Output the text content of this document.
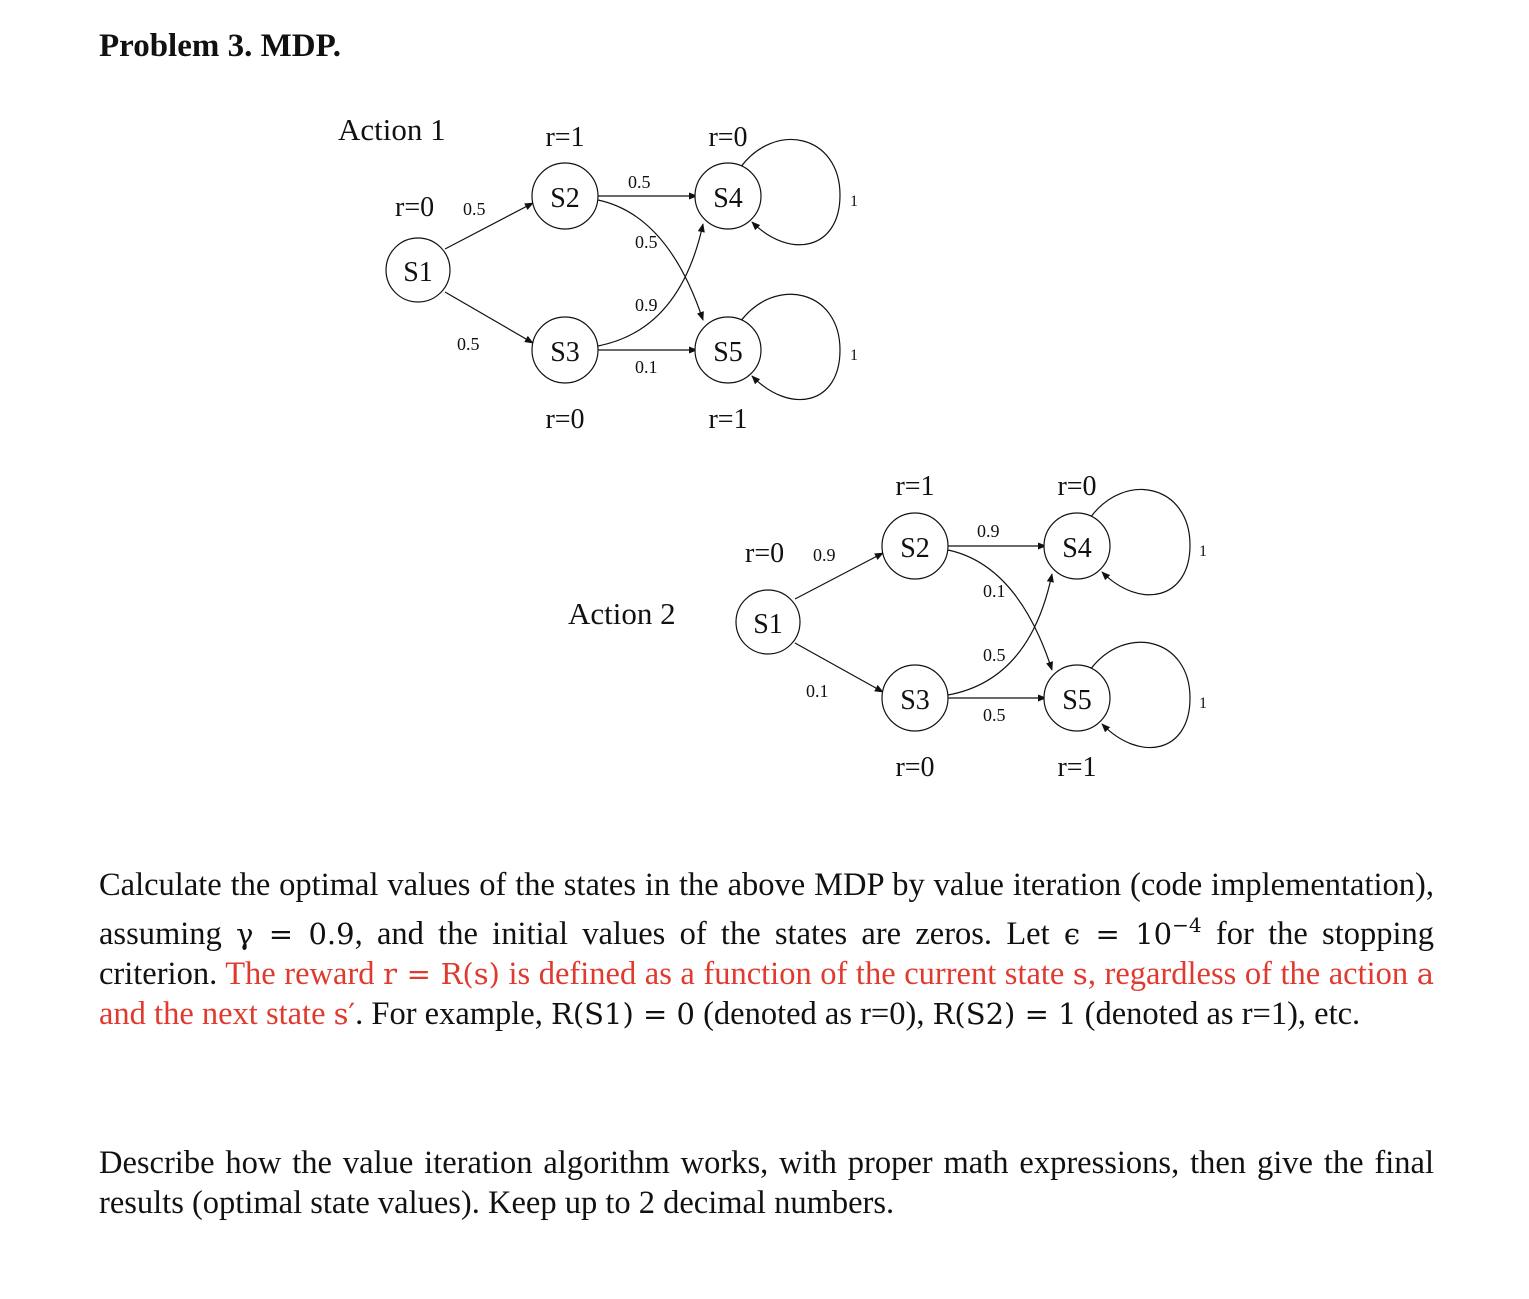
Problem 3. MDP.
Action 1
S1
S2
S3
S4
S5
r=0
r=1
r=0
r=0
r=1
0.5
0.5
0.5
0.5
0.9
0.1
1
1
Action 2	S1
S2
S3
S4
S5
r=0
r=1
r=0
r=0
r=1
0.9
0.1
0.9
0.1
0.5
0.5
1
1
Calculate the optimal values of the states in the above MDP by value iteration (code implementation), assuming γ = 0.9, and the initial values of the states are zeros. Let $\epsilon = 10^{-4}$ for the stopping criterion. The reward r = R(s) is defined as a function of the current state s, regardless of the action a and the next state s′. For example, R(S1) = 0 (denoted as r=0), R(S2) = 1 (denoted as r=1), etc.
Describe how the value iteration algorithm works, with proper math expressions, then give the final results (optimal state values). Keep up to 2 decimal numbers.
